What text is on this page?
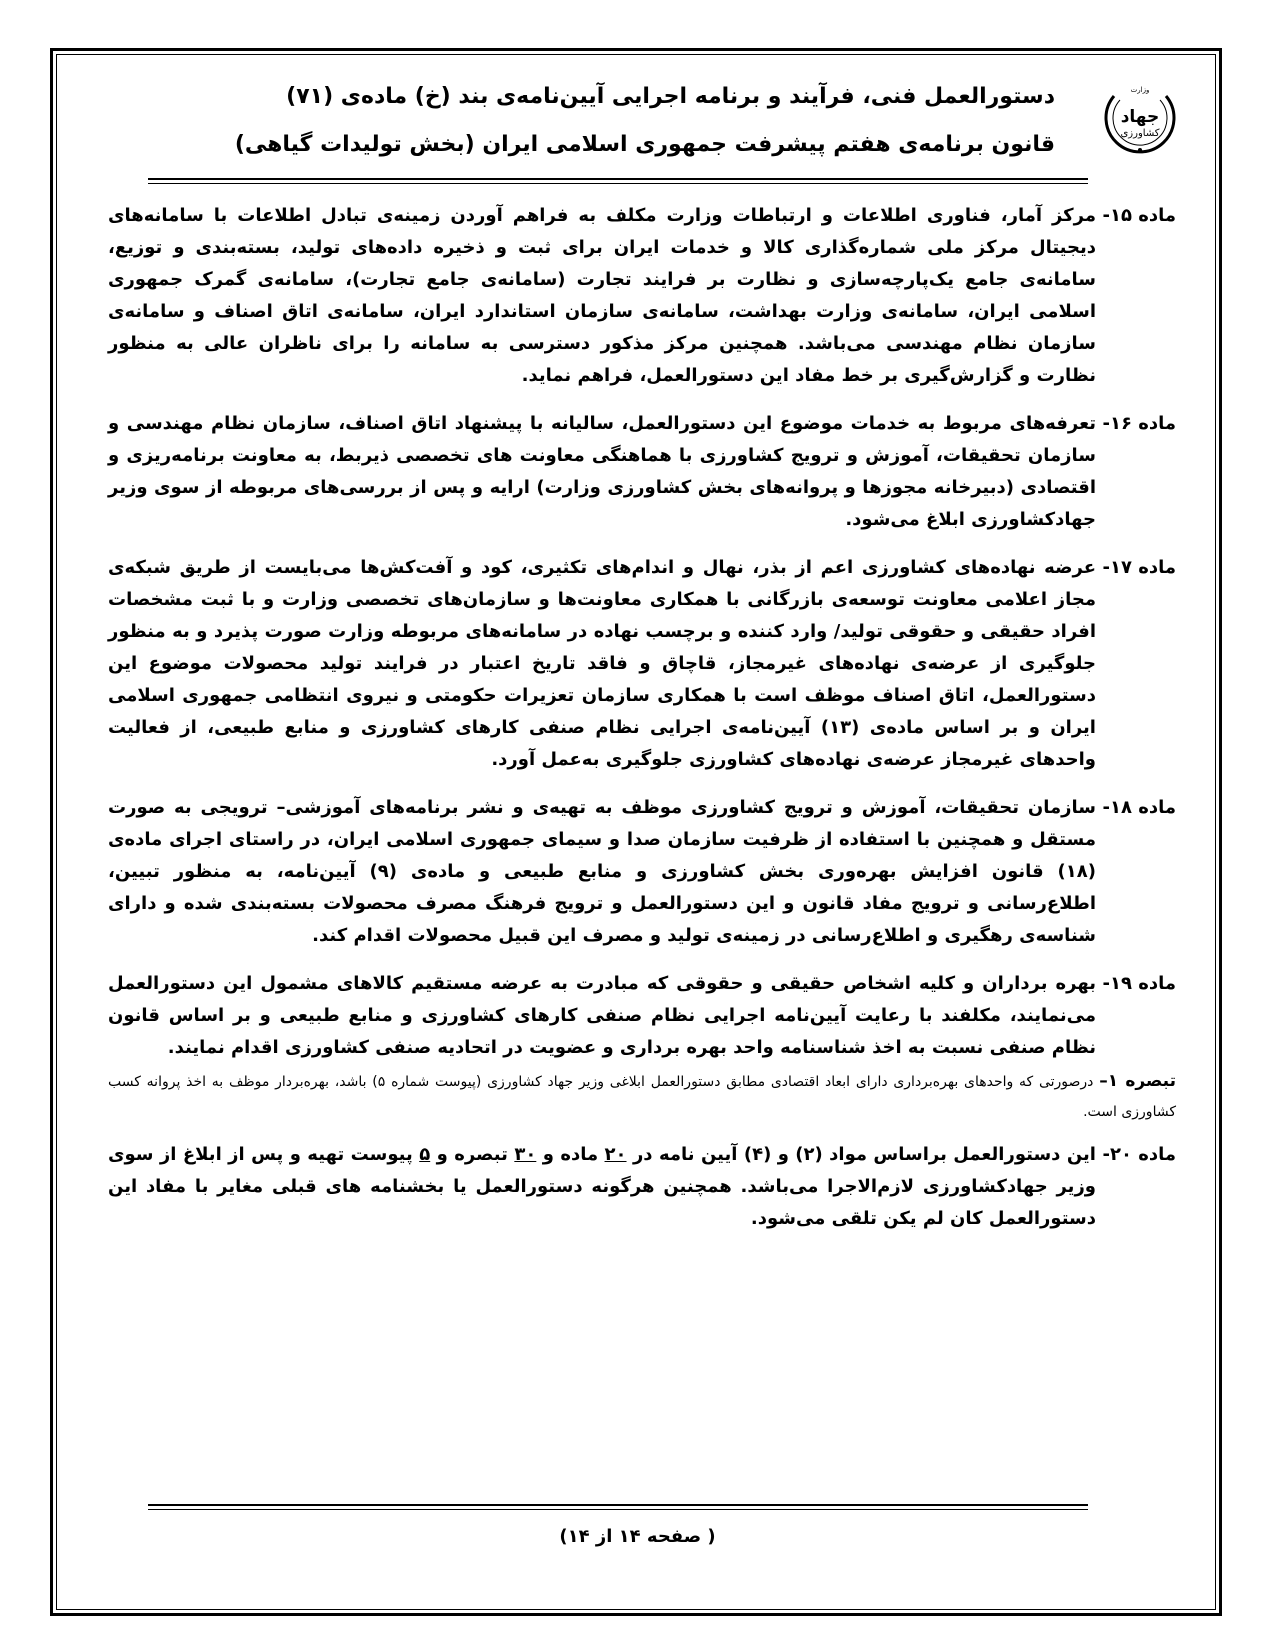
دستورالعمل فنی، فرآیند و برنامه اجرایی آیین‌نامه‌ی بند (خ) ماده‌ی (۷۱)
قانون برنامه‌ی هفتم پیشرفت جمهوری اسلامی ایران (بخش تولیدات گیاهی)
وزارت
جهاد
کشاورزی
ماده ۱۵-
مرکز آمار، فناوری اطلاعات و ارتباطات وزارت مکلف به فراهم آوردن زمینه‌ی تبادل اطلاعات با سامانه‌های دیجیتال مرکز ملی شماره‌گذاری کالا و خدمات ایران برای ثبت و ذخیره داده‌های تولید، بسته‌بندی و توزیع، سامانه‌ی جامع یک‌پارچه‌سازی و نظارت بر فرایند تجارت (سامانه‌ی جامع تجارت)، سامانه‌ی گمرک جمهوری اسلامی ایران، سامانه‌ی وزارت بهداشت، سامانه‌ی سازمان استاندارد ایران، سامانه‌ی اتاق اصناف و سامانه‌ی سازمان نظام مهندسی می‌باشد. همچنین مرکز مذکور دسترسی به سامانه را برای ناظران عالی به منظور نظارت و گزارش‌گیری بر خط مفاد این دستورالعمل، فراهم نماید.
ماده ۱۶-
تعرفه‌های مربوط به خدمات موضوع این دستورالعمل، سالیانه با پیشنهاد اتاق اصناف، سازمان نظام مهندسی و سازمان تحقیقات، آموزش و ترویج کشاورزی با هماهنگی معاونت های تخصصی ذیربط، به معاونت برنامه‌ریزی و اقتصادی (دبیرخانه مجوزها و پروانه‌های بخش کشاورزی وزارت) ارایه و پس از بررسی‌های مربوطه از سوی وزیر جهادکشاورزی ابلاغ می‌شود.
ماده ۱۷-
عرضه نهاده‌های کشاورزی اعم از بذر، نهال و اندام‌های تکثیری، کود و آفت‌کش‌ها می‌بایست از طریق شبکه‌ی مجاز اعلامی معاونت توسعه‌ی بازرگانی با همکاری معاونت‌ها و سازمان‌های تخصصی وزارت و با ثبت مشخصات افراد حقیقی و حقوقی تولید/ وارد کننده و برچسب نهاده در سامانه‌های مربوطه وزارت صورت پذیرد و به منظور جلوگیری از عرضه‌ی نهاده‌های غیرمجاز، قاچاق و فاقد تاریخ اعتبار در فرایند تولید محصولات موضوع این دستورالعمل، اتاق اصناف موظف است با همکاری سازمان تعزیرات حکومتی و نیروی انتظامی جمهوری اسلامی ایران و بر اساس ماده‌ی (۱۳) آیین‌نامه‌ی اجرایی نظام صنفی کارهای کشاورزی و منابع طبیعی، از فعالیت واحدهای غیرمجاز عرضه‌ی نهاده‌های کشاورزی جلوگیری به‌عمل آورد.
ماده ۱۸-
سازمان تحقیقات، آموزش و ترویج کشاورزی موظف به تهیه‌ی و نشر برنامه‌های آموزشی– ترویجی به صورت مستقل و همچنین با استفاده از ظرفیت سازمان صدا و سیمای جمهوری اسلامی ایران، در راستای اجرای ماده‌ی (۱۸) قانون افزایش بهره‌وری بخش کشاورزی و منابع طبیعی و ماده‌ی (۹) آیین‌نامه، به منظور تبیین، اطلاع‌رسانی و ترویج مفاد قانون و این دستورالعمل و ترویج فرهنگ مصرف محصولات بسته‌بندی شده و دارای شناسه‌ی رهگیری و اطلاع‌رسانی در زمینه‌ی تولید و مصرف این قبیل محصولات اقدام کند.
ماده ۱۹-
بهره برداران و کلیه اشخاص حقیقی و حقوقی که مبادرت به عرضه مستقیم کالاهای مشمول این دستورالعمل می‌نمایند، مکلفند با رعایت آیین‌نامه اجرایی نظام صنفی کارهای کشاورزی و منابع طبیعی و بر اساس قانون نظام صنفی نسبت به اخذ شناسنامه واحد بهره برداری و عضویت در اتحادیه صنفی کشاورزی اقدام نمایند.
تبصره ۱– درصورتی که واحدهای بهره‌برداری دارای ابعاد اقتصادی مطابق دستورالعمل ابلاغی وزیر جهاد کشاورزی (پیوست شماره ۵) باشد، بهره‌بردار موظف به اخذ پروانه کسب کشاورزی است.
ماده ۲۰-
این دستورالعمل براساس مواد (۲) و (۴) آیین نامه در ۲۰ ماده و ۳۰ تبصره و ۵ پیوست تهیه و پس از ابلاغ از سوی وزیر جهادکشاورزی لازم‌الاجرا می‌باشد. همچنین هرگونه دستورالعمل یا بخشنامه های قبلی مغایر با مفاد این دستورالعمل کان لم یکن تلقی می‌شود.
( صفحه ۱۴ از ۱۴)
